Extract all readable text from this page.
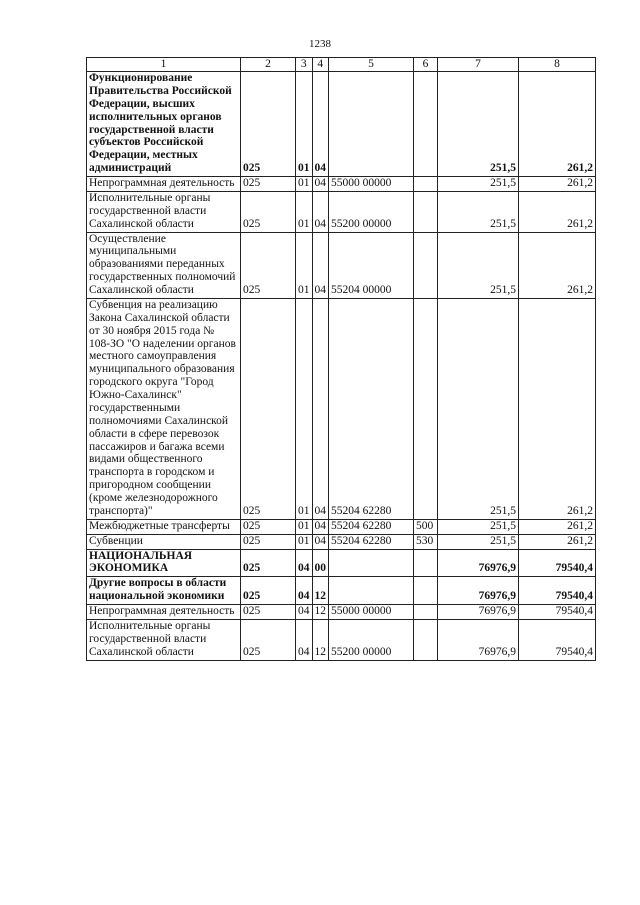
1238
1	2	3	4	5	6	7	8
Функционирование Правительства Российской Федерации, высших исполнительных органов государственной власти субъектов Российской Федерации, местных администраций	025	01	04			251,5	261,2
Непрограммная деятельность	025	01	04	55000 00000		251,5	261,2
Исполнительные органы государственной власти Сахалинской области	025	01	04	55200 00000		251,5	261,2
Осуществление муниципальными образованиями переданных государственных полномочий Сахалинской области	025	01	04	55204 00000		251,5	261,2
Субвенция на реализацию Закона Сахалинской области от 30 ноября 2015 года № 108-ЗО "О наделении органов местного самоуправления муниципального образования городского округа "Город Южно-Сахалинск" государственными полномочиями Сахалинской области в сфере перевозок пассажиров и багажа всеми видами общественного транспорта в городском и пригородном сообщении (кроме железнодорожного транспорта)"	025	01	04	55204 62280		251,5	261,2
Межбюджетные трансферты	025	01	04	55204 62280	500	251,5	261,2
Субвенции	025	01	04	55204 62280	530	251,5	261,2
НАЦИОНАЛЬНАЯ ЭКОНОМИКА	025	04	00			76976,9	79540,4
Другие вопросы в области национальной экономики	025	04	12			76976,9	79540,4
Непрограммная деятельность	025	04	12	55000 00000		76976,9	79540,4
Исполнительные органы государственной власти Сахалинской области	025	04	12	55200 00000		76976,9	79540,4
